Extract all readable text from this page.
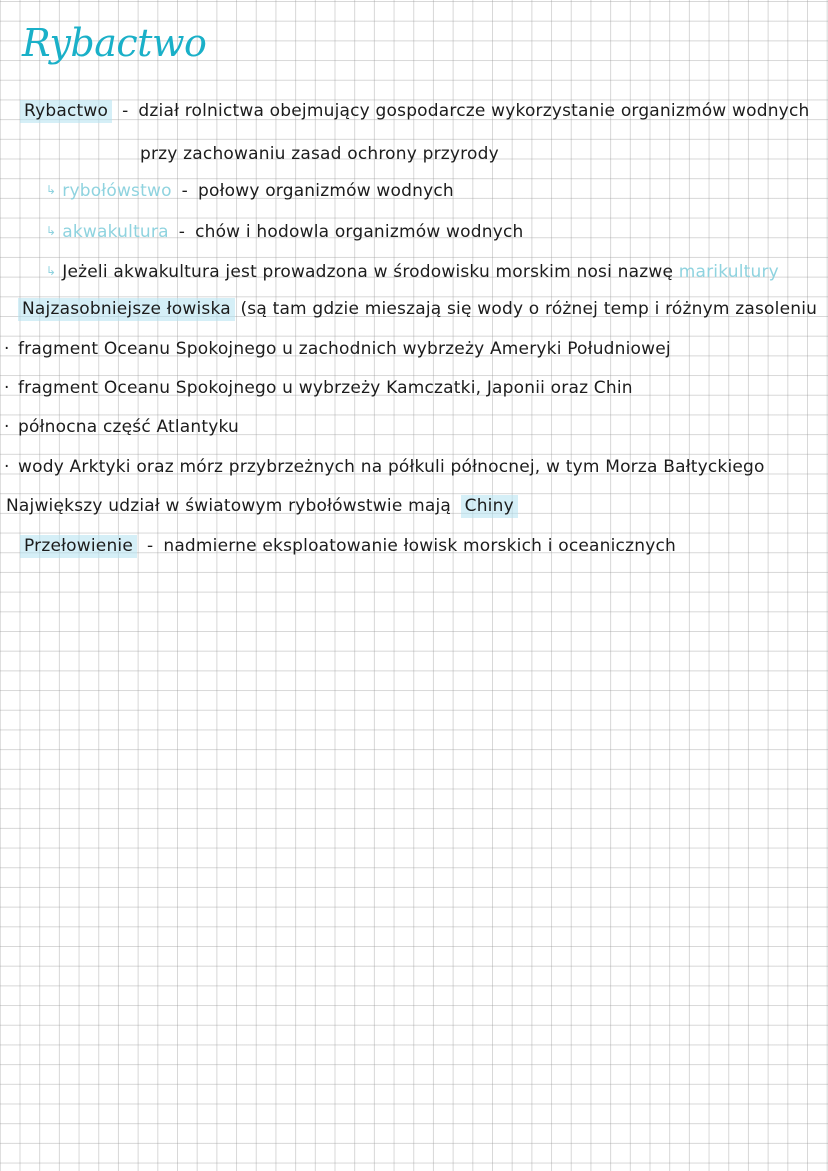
Rybactwo
Rybactwo - dział rolnictwa obejmujący gospodarcze wykorzystanie organizmów wodnych
przy zachowaniu zasad ochrony przyrody
↳ rybołówstwo - połowy organizmów wodnych
↳ akwakultura - chów i hodowla organizmów wodnych
↳ Jeżeli akwakultura jest prowadzona w środowisku morskim nosi nazwę marikultury
Najzasobniejsze łowiska (są tam gdzie mieszają się wody o różnej temp i różnym zasoleniu
· fragment Oceanu Spokojnego u zachodnich wybrzeży Ameryki Południowej
· fragment Oceanu Spokojnego u wybrzeży Kamczatki, Japonii oraz Chin
· północna część Atlantyku
· wody Arktyki oraz mórz przybrzeżnych na półkuli północnej, w tym Morza Bałtyckiego
Największy udział w światowym rybołówstwie mają Chiny
Przełowienie - nadmierne eksploatowanie łowisk morskich i oceanicznych
